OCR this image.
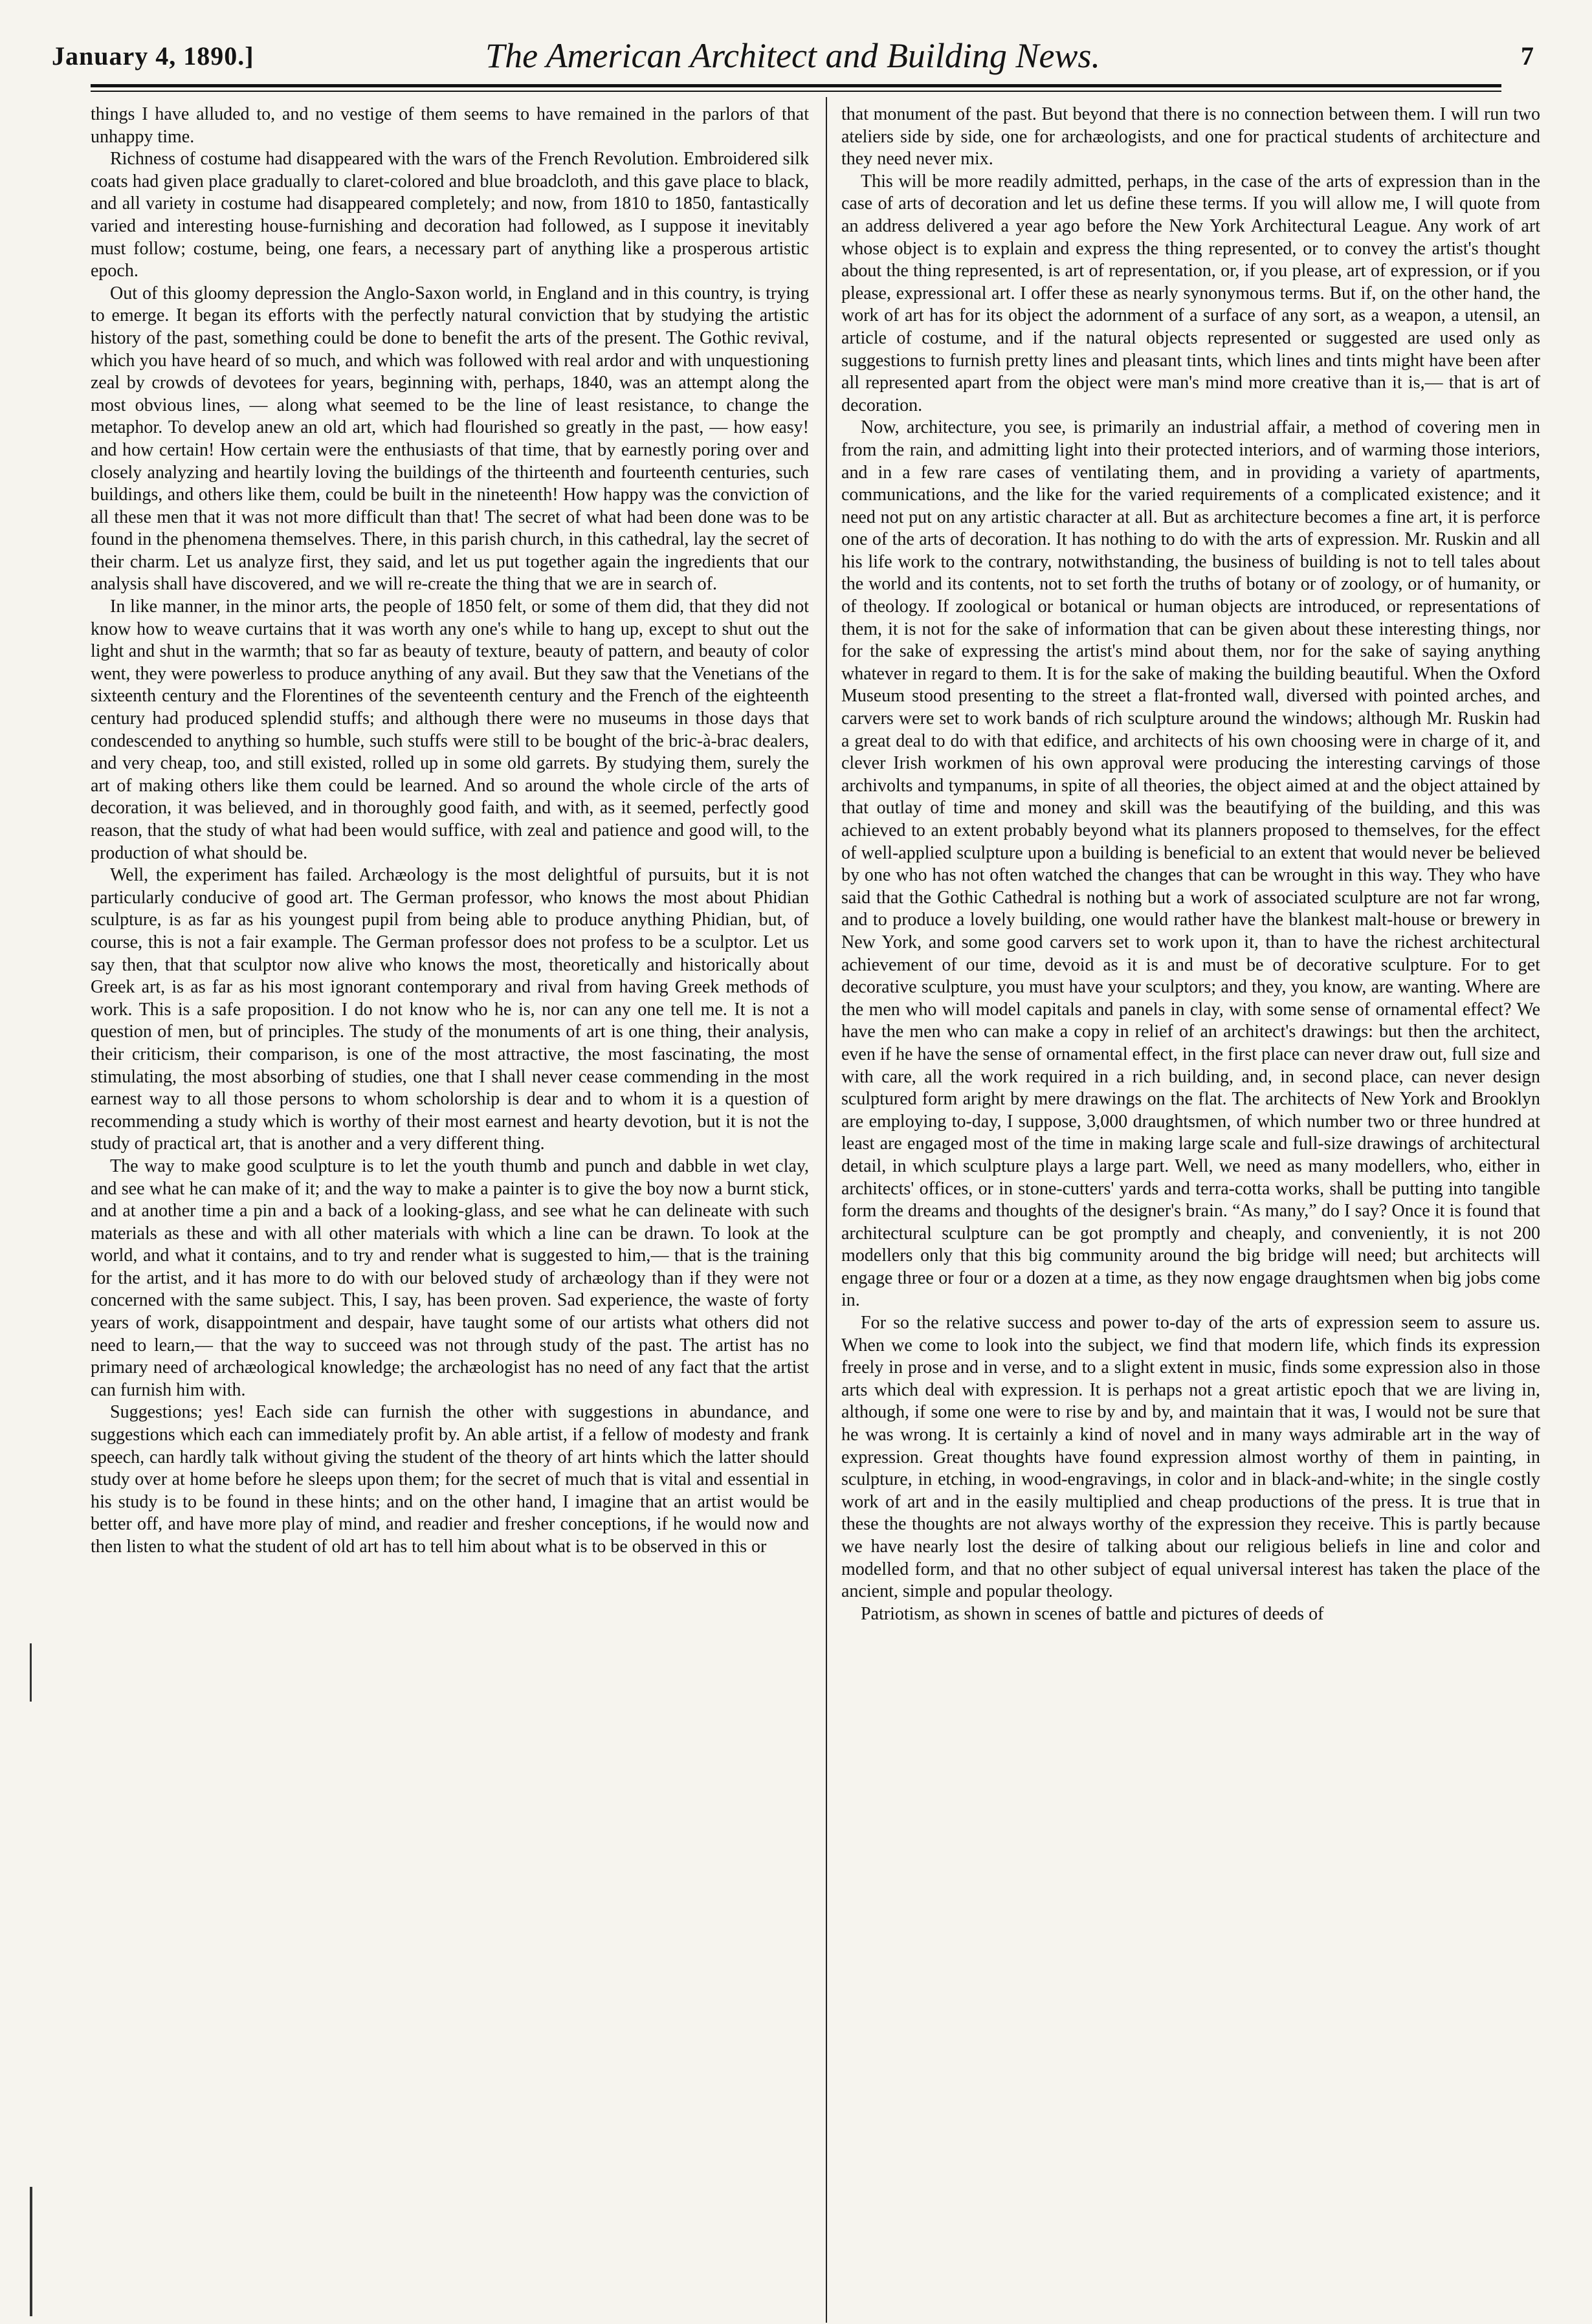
January 4, 1890.]	The American Architect and Building News.	7

things I have alluded to, and no vestige of them seems to have remained in the parlors of that unhappy time.

Richness of costume had disappeared with the wars of the French Revolution. Embroidered silk coats had given place gradually to claret-colored and blue broadcloth, and this gave place to black, and all variety in costume had disappeared completely; and now, from 1810 to 1850, fantastically varied and interesting house-furnishing and decoration had followed, as I suppose it inevitably must follow; costume, being, one fears, a necessary part of anything like a prosperous artistic epoch.

Out of this gloomy depression the Anglo-Saxon world, in England and in this country, is trying to emerge. It began its efforts with the perfectly natural conviction that by studying the artistic history of the past, something could be done to benefit the arts of the present. The Gothic revival, which you have heard of so much, and which was followed with real ardor and with unquestioning zeal by crowds of devotees for years, beginning with, perhaps, 1840, was an attempt along the most obvious lines, — along what seemed to be the line of least resistance, to change the metaphor. To develop anew an old art, which had flourished so greatly in the past, — how easy! and how certain! How certain were the enthusiasts of that time, that by earnestly poring over and closely analyzing and heartily loving the buildings of the thirteenth and fourteenth centuries, such buildings, and others like them, could be built in the nineteenth! How happy was the conviction of all these men that it was not more difficult than that! The secret of what had been done was to be found in the phenomena themselves. There, in this parish church, in this cathedral, lay the secret of their charm. Let us analyze first, they said, and let us put together again the ingredients that our analysis shall have discovered, and we will re-create the thing that we are in search of.

In like manner, in the minor arts, the people of 1850 felt, or some of them did, that they did not know how to weave curtains that it was worth any one's while to hang up, except to shut out the light and shut in the warmth; that so far as beauty of texture, beauty of pattern, and beauty of color went, they were powerless to produce anything of any avail. But they saw that the Venetians of the sixteenth century and the Florentines of the seventeenth century and the French of the eighteenth century had produced splendid stuffs; and although there were no museums in those days that condescended to anything so humble, such stuffs were still to be bought of the bric-à-brac dealers, and very cheap, too, and still existed, rolled up in some old garrets. By studying them, surely the art of making others like them could be learned. And so around the whole circle of the arts of decoration, it was believed, and in thoroughly good faith, and with, as it seemed, perfectly good reason, that the study of what had been would suffice, with zeal and patience and good will, to the production of what should be.

Well, the experiment has failed. Archæology is the most delightful of pursuits, but it is not particularly conducive of good art. The German professor, who knows the most about Phidian sculpture, is as far as his youngest pupil from being able to produce anything Phidian, but, of course, this is not a fair example. The German professor does not profess to be a sculptor. Let us say then, that that sculptor now alive who knows the most, theoretically and historically about Greek art, is as far as his most ignorant contemporary and rival from having Greek methods of work. This is a safe proposition. I do not know who he is, nor can any one tell me. It is not a question of men, but of principles. The study of the monuments of art is one thing, their analysis, their criticism, their comparison, is one of the most attractive, the most fascinating, the most stimulating, the most absorbing of studies, one that I shall never cease commending in the most earnest way to all those persons to whom scholorship is dear and to whom it is a question of recommending a study which is worthy of their most earnest and hearty devotion, but it is not the study of practical art, that is another and a very different thing.

The way to make good sculpture is to let the youth thumb and punch and dabble in wet clay, and see what he can make of it; and the way to make a painter is to give the boy now a burnt stick, and at another time a pin and a back of a looking-glass, and see what he can delineate with such materials as these and with all other materials with which a line can be drawn. To look at the world, and what it contains, and to try and render what is suggested to him,— that is the training for the artist, and it has more to do with our beloved study of archæology than if they were not concerned with the same subject. This, I say, has been proven. Sad experience, the waste of forty years of work, disappointment and despair, have taught some of our artists what others did not need to learn,— that the way to succeed was not through study of the past. The artist has no primary need of archæological knowledge; the archæologist has no need of any fact that the artist can furnish him with.

Suggestions; yes! Each side can furnish the other with suggestions in abundance, and suggestions which each can immediately profit by. An able artist, if a fellow of modesty and frank speech, can hardly talk without giving the student of the theory of art hints which the latter should study over at home before he sleeps upon them; for the secret of much that is vital and essential in his study is to be found in these hints; and on the other hand, I imagine that an artist would be better off, and have more play of mind, and readier and fresher conceptions, if he would now and then listen to what the student of old art has to tell him about what is to be observed in this or

that monument of the past. But beyond that there is no connection between them. I will run two ateliers side by side, one for archæologists, and one for practical students of architecture and they need never mix.

This will be more readily admitted, perhaps, in the case of the arts of expression than in the case of arts of decoration and let us define these terms. If you will allow me, I will quote from an address delivered a year ago before the New York Architectural League. Any work of art whose object is to explain and express the thing represented, or to convey the artist's thought about the thing represented, is art of representation, or, if you please, art of expression, or if you please, expressional art. I offer these as nearly synonymous terms. But if, on the other hand, the work of art has for its object the adornment of a surface of any sort, as a weapon, a utensil, an article of costume, and if the natural objects represented or suggested are used only as suggestions to furnish pretty lines and pleasant tints, which lines and tints might have been after all represented apart from the object were man's mind more creative than it is,— that is art of decoration.

Now, architecture, you see, is primarily an industrial affair, a method of covering men in from the rain, and admitting light into their protected interiors, and of warming those interiors, and in a few rare cases of ventilating them, and in providing a variety of apartments, communications, and the like for the varied requirements of a complicated existence; and it need not put on any artistic character at all. But as architecture becomes a fine art, it is perforce one of the arts of decoration. It has nothing to do with the arts of expression. Mr. Ruskin and all his life work to the contrary, notwithstanding, the business of building is not to tell tales about the world and its contents, not to set forth the truths of botany or of zoology, or of humanity, or of theology. If zoological or botanical or human objects are introduced, or representations of them, it is not for the sake of information that can be given about these interesting things, nor for the sake of expressing the artist's mind about them, nor for the sake of saying anything whatever in regard to them. It is for the sake of making the building beautiful. When the Oxford Museum stood presenting to the street a flat-fronted wall, diversed with pointed arches, and carvers were set to work bands of rich sculpture around the windows; although Mr. Ruskin had a great deal to do with that edifice, and architects of his own choosing were in charge of it, and clever Irish workmen of his own approval were producing the interesting carvings of those archivolts and tympanums, in spite of all theories, the object aimed at and the object attained by that outlay of time and money and skill was the beautifying of the building, and this was achieved to an extent probably beyond what its planners proposed to themselves, for the effect of well-applied sculpture upon a building is beneficial to an extent that would never be believed by one who has not often watched the changes that can be wrought in this way. They who have said that the Gothic Cathedral is nothing but a work of associated sculpture are not far wrong, and to produce a lovely building, one would rather have the blankest malt-house or brewery in New York, and some good carvers set to work upon it, than to have the richest architectural achievement of our time, devoid as it is and must be of decorative sculpture. For to get decorative sculpture, you must have your sculptors; and they, you know, are wanting. Where are the men who will model capitals and panels in clay, with some sense of ornamental effect? We have the men who can make a copy in relief of an architect's drawings: but then the architect, even if he have the sense of ornamental effect, in the first place can never draw out, full size and with care, all the work required in a rich building, and, in second place, can never design sculptured form aright by mere drawings on the flat. The architects of New York and Brooklyn are employing to-day, I suppose, 3,000 draughtsmen, of which number two or three hundred at least are engaged most of the time in making large scale and full-size drawings of architectural detail, in which sculpture plays a large part. Well, we need as many modellers, who, either in architects' offices, or in stone-cutters' yards and terra-cotta works, shall be putting into tangible form the dreams and thoughts of the designer's brain. “As many,” do I say? Once it is found that architectural sculpture can be got promptly and cheaply, and conveniently, it is not 200 modellers only that this big community around the big bridge will need; but architects will engage three or four or a dozen at a time, as they now engage draughtsmen when big jobs come in.

For so the relative success and power to-day of the arts of expression seem to assure us. When we come to look into the subject, we find that modern life, which finds its expression freely in prose and in verse, and to a slight extent in music, finds some expression also in those arts which deal with expression. It is perhaps not a great artistic epoch that we are living in, although, if some one were to rise by and by, and maintain that it was, I would not be sure that he was wrong. It is certainly a kind of novel and in many ways admirable art in the way of expression. Great thoughts have found expression almost worthy of them in painting, in sculpture, in etching, in wood-engravings, in color and in black-and-white; in the single costly work of art and in the easily multiplied and cheap productions of the press. It is true that in these the thoughts are not always worthy of the expression they receive. This is partly because we have nearly lost the desire of talking about our religious beliefs in line and color and modelled form, and that no other subject of equal universal interest has taken the place of the ancient, simple and popular theology.

Patriotism, as shown in scenes of battle and pictures of deeds of
